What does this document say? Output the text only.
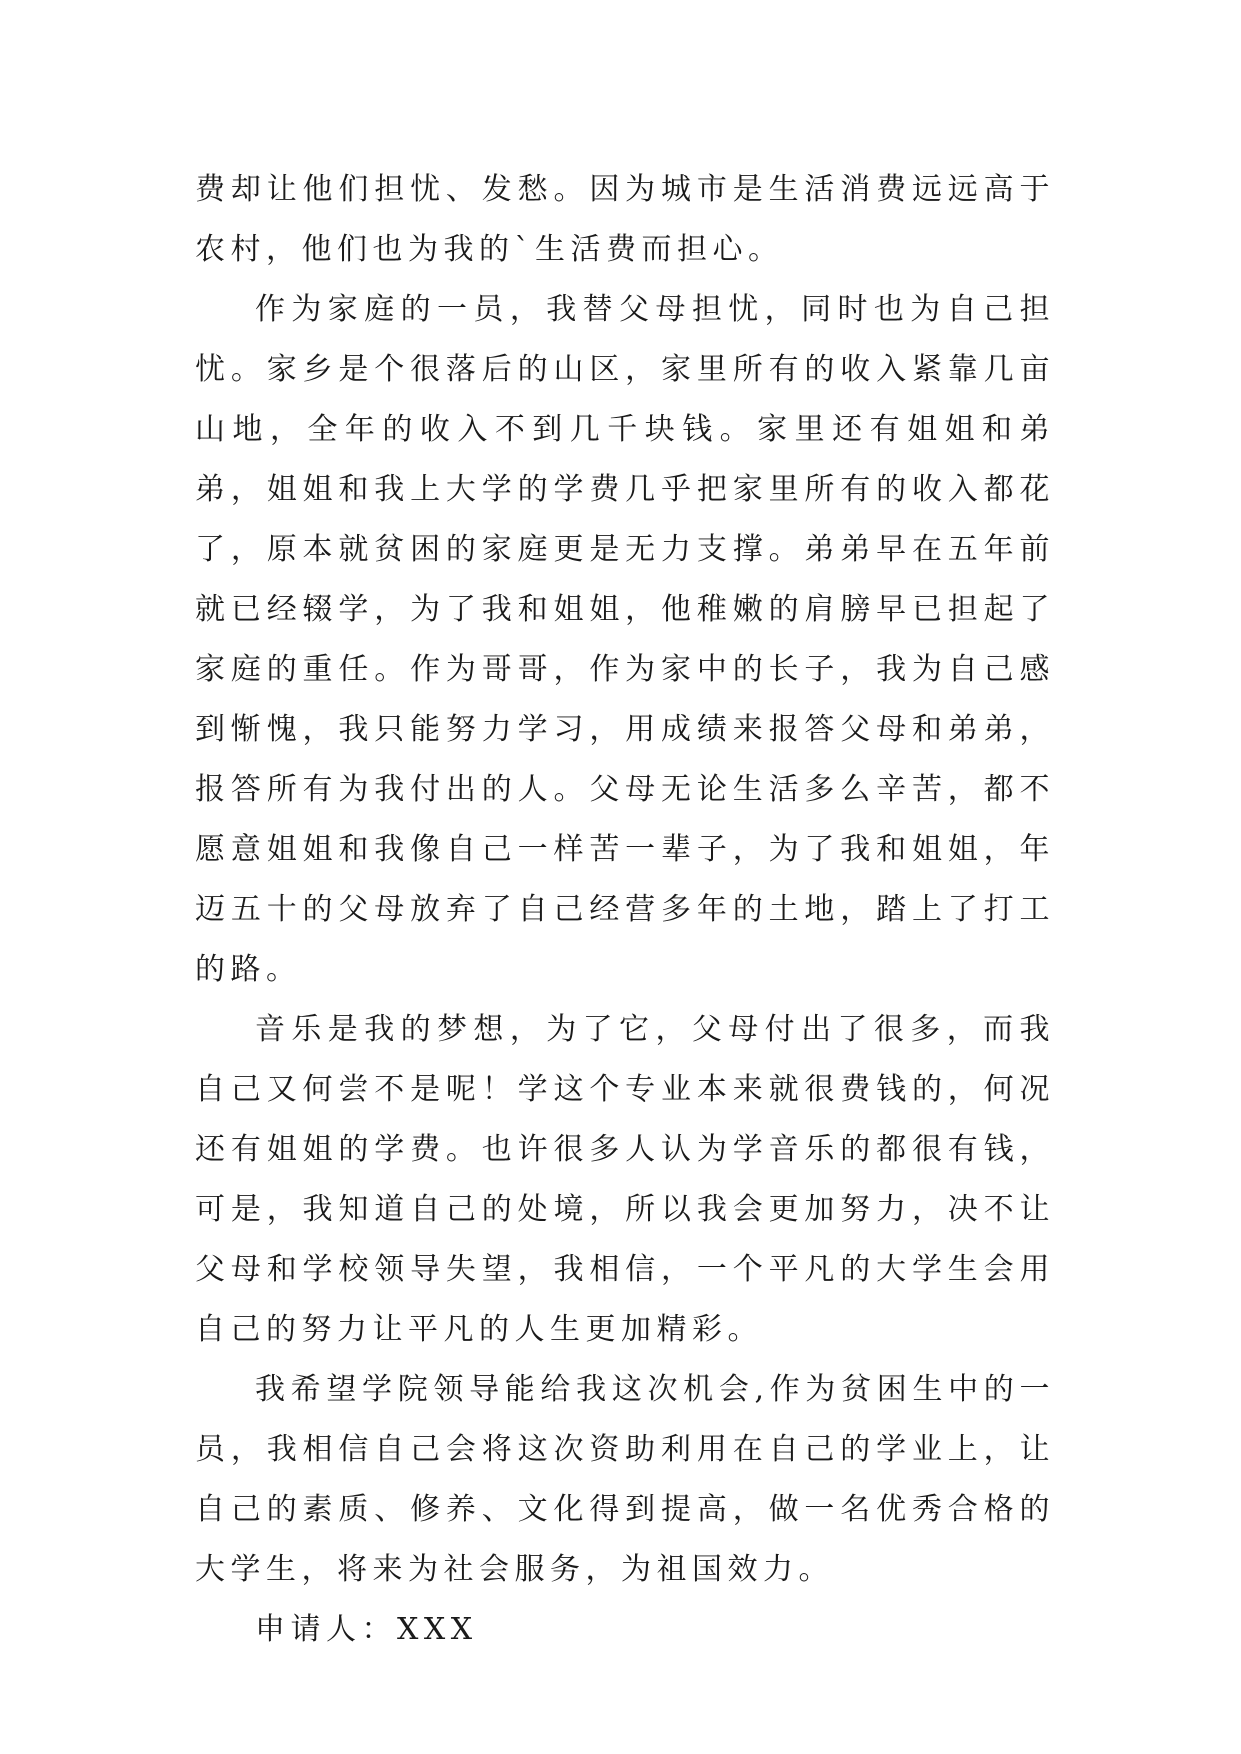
费却让他们担忧、发愁。因为城市是生活消费远远高于农村，他们也为我的`生活费而担心。

作为家庭的一员，我替父母担忧，同时也为自己担忧。家乡是个很落后的山区，家里所有的收入紧靠几亩山地，全年的收入不到几千块钱。家里还有姐姐和弟弟，姐姐和我上大学的学费几乎把家里所有的收入都花了，原本就贫困的家庭更是无力支撑。弟弟早在五年前就已经辍学，为了我和姐姐，他稚嫩的肩膀早已担起了家庭的重任。作为哥哥，作为家中的长子，我为自己感到惭愧，我只能努力学习，用成绩来报答父母和弟弟，报答所有为我付出的人。父母无论生活多么辛苦，都不愿意姐姐和我像自己一样苦一辈子，为了我和姐姐，年迈五十的父母放弃了自己经营多年的土地，踏上了打工的路。

音乐是我的梦想，为了它，父母付出了很多，而我自己又何尝不是呢！学这个专业本来就很费钱的，何况还有姐姐的学费。也许很多人认为学音乐的都很有钱，可是，我知道自己的处境，所以我会更加努力，决不让父母和学校领导失望，我相信，一个平凡的大学生会用自己的努力让平凡的人生更加精彩。

我希望学院领导能给我这次机会,作为贫困生中的一员，我相信自己会将这次资助利用在自己的学业上，让自己的素质、修养、文化得到提高，做一名优秀合格的大学生，将来为社会服务，为祖国效力。

申请人：XXX
